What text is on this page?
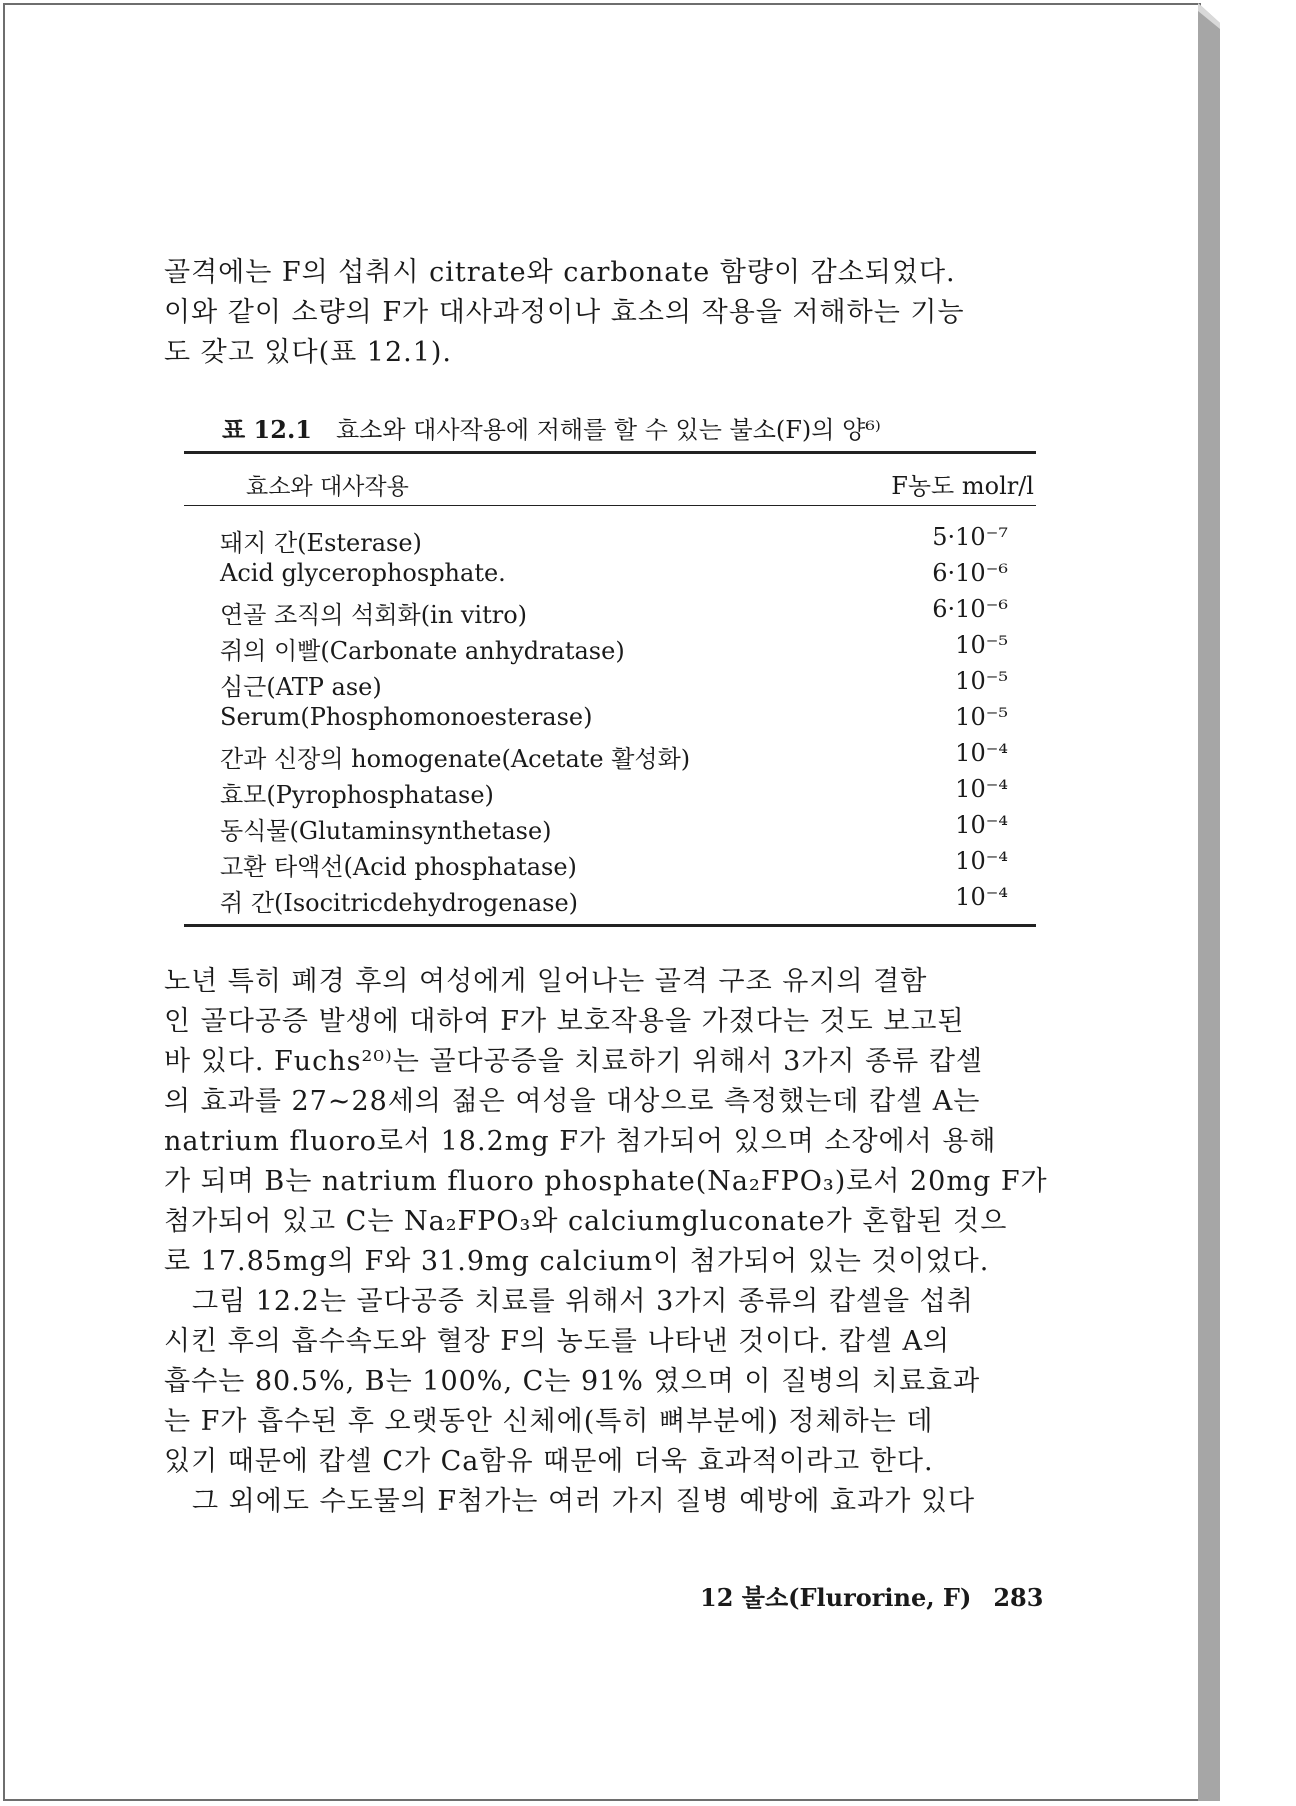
골격에는 F의 섭취시 citrate와 carbonate 함량이 감소되었다.
이와 같이 소량의 F가 대사과정이나 효소의 작용을 저해하는 기능
도 갖고 있다(표 12.1).
표 12.1 효소와 대사작용에 저해를 할 수 있는 불소(F)의 양⁶⁾
효소와 대사작용	F농도 molr/l
돼지 간(Esterase)	5·10⁻⁷
Acid glycerophosphate.	6·10⁻⁶
연골 조직의 석회화(in vitro)	6·10⁻⁶
쥐의 이빨(Carbonate anhydratase)	10⁻⁵
심근(ATP ase)	10⁻⁵
Serum(Phosphomonoesterase)	10⁻⁵
간과 신장의 homogenate(Acetate 활성화)	10⁻⁴
효모(Pyrophosphatase)	10⁻⁴
동식물(Glutaminsynthetase)	10⁻⁴
고환 타액선(Acid phosphatase)	10⁻⁴
쥐 간(Isocitricdehydrogenase)	10⁻⁴
노년 특히 폐경 후의 여성에게 일어나는 골격 구조 유지의 결함
인 골다공증 발생에 대하여 F가 보호작용을 가졌다는 것도 보고된
바 있다. Fuchs²⁰⁾는 골다공증을 치료하기 위해서 3가지 종류 캅셀
의 효과를 27~28세의 젊은 여성을 대상으로 측정했는데 캅셀 A는
natrium fluoro로서 18.2mg F가 첨가되어 있으며 소장에서 용해
가 되며 B는 natrium fluoro phosphate(Na₂FPO₃)로서 20mg F가
첨가되어 있고 C는 Na₂FPO₃와 calciumgluconate가 혼합된 것으
로 17.85mg의 F와 31.9mg calcium이 첨가되어 있는 것이었다.
　그림 12.2는 골다공증 치료를 위해서 3가지 종류의 캅셀을 섭취
시킨 후의 흡수속도와 혈장 F의 농도를 나타낸 것이다. 캅셀 A의
흡수는 80.5%, B는 100%, C는 91% 였으며 이 질병의 치료효과
는 F가 흡수된 후 오랫동안 신체에(특히 뼈부분에) 정체하는 데
있기 때문에 캅셀 C가 Ca함유 때문에 더욱 효과적이라고 한다.
　그 외에도 수도물의 F첨가는 여러 가지 질병 예방에 효과가 있다
12 불소(Flurorine, F) 283
